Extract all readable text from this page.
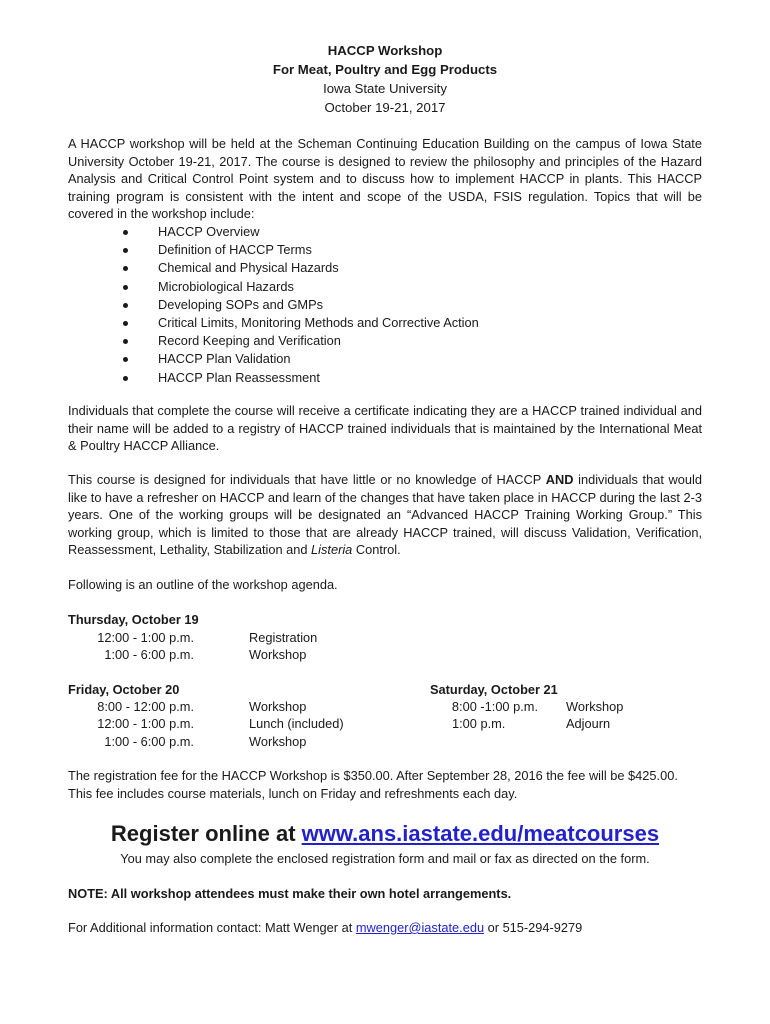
HACCP Workshop
For Meat, Poultry and Egg Products
Iowa State University
October 19-21, 2017
A HACCP workshop will be held at the Scheman Continuing Education Building on the campus of Iowa State University October 19-21, 2017. The course is designed to review the philosophy and principles of the Hazard Analysis and Critical Control Point system and to discuss how to implement HACCP in plants. This HACCP training program is consistent with the intent and scope of the USDA, FSIS regulation. Topics that will be covered in the workshop include:
HACCP Overview
Definition of HACCP Terms
Chemical and Physical Hazards
Microbiological Hazards
Developing SOPs and GMPs
Critical Limits, Monitoring Methods and Corrective Action
Record Keeping and Verification
HACCP Plan Validation
HACCP Plan Reassessment
Individuals that complete the course will receive a certificate indicating they are a HACCP trained individual and their name will be added to a registry of HACCP trained individuals that is maintained by the International Meat & Poultry HACCP Alliance.
This course is designed for individuals that have little or no knowledge of HACCP AND individuals that would like to have a refresher on HACCP and learn of the changes that have taken place in HACCP during the last 2-3 years. One of the working groups will be designated an “Advanced HACCP Training Working Group.” This working group, which is limited to those that are already HACCP trained, will discuss Validation, Verification, Reassessment, Lethality, Stabilization and Listeria Control.
Following is an outline of the workshop agenda.
Thursday, October 19
12:00 - 1:00 p.m.	Registration
1:00 - 6:00 p.m.	Workshop
Friday, October 20
8:00 - 12:00 p.m.	Workshop
12:00 - 1:00 p.m.	Lunch (included)
1:00 - 6:00 p.m.	Workshop
Saturday, October 21
8:00 -1:00 p.m. Workshop
1:00 p.m.	Adjourn
The registration fee for the HACCP Workshop is $350.00. After September 28, 2016 the fee will be $425.00. This fee includes course materials, lunch on Friday and refreshments each day.
Register online at www.ans.iastate.edu/meatcourses
You may also complete the enclosed registration form and mail or fax as directed on the form.
NOTE: All workshop attendees must make their own hotel arrangements.
For Additional information contact: Matt Wenger at mwenger@iastate.edu or 515-294-9279
